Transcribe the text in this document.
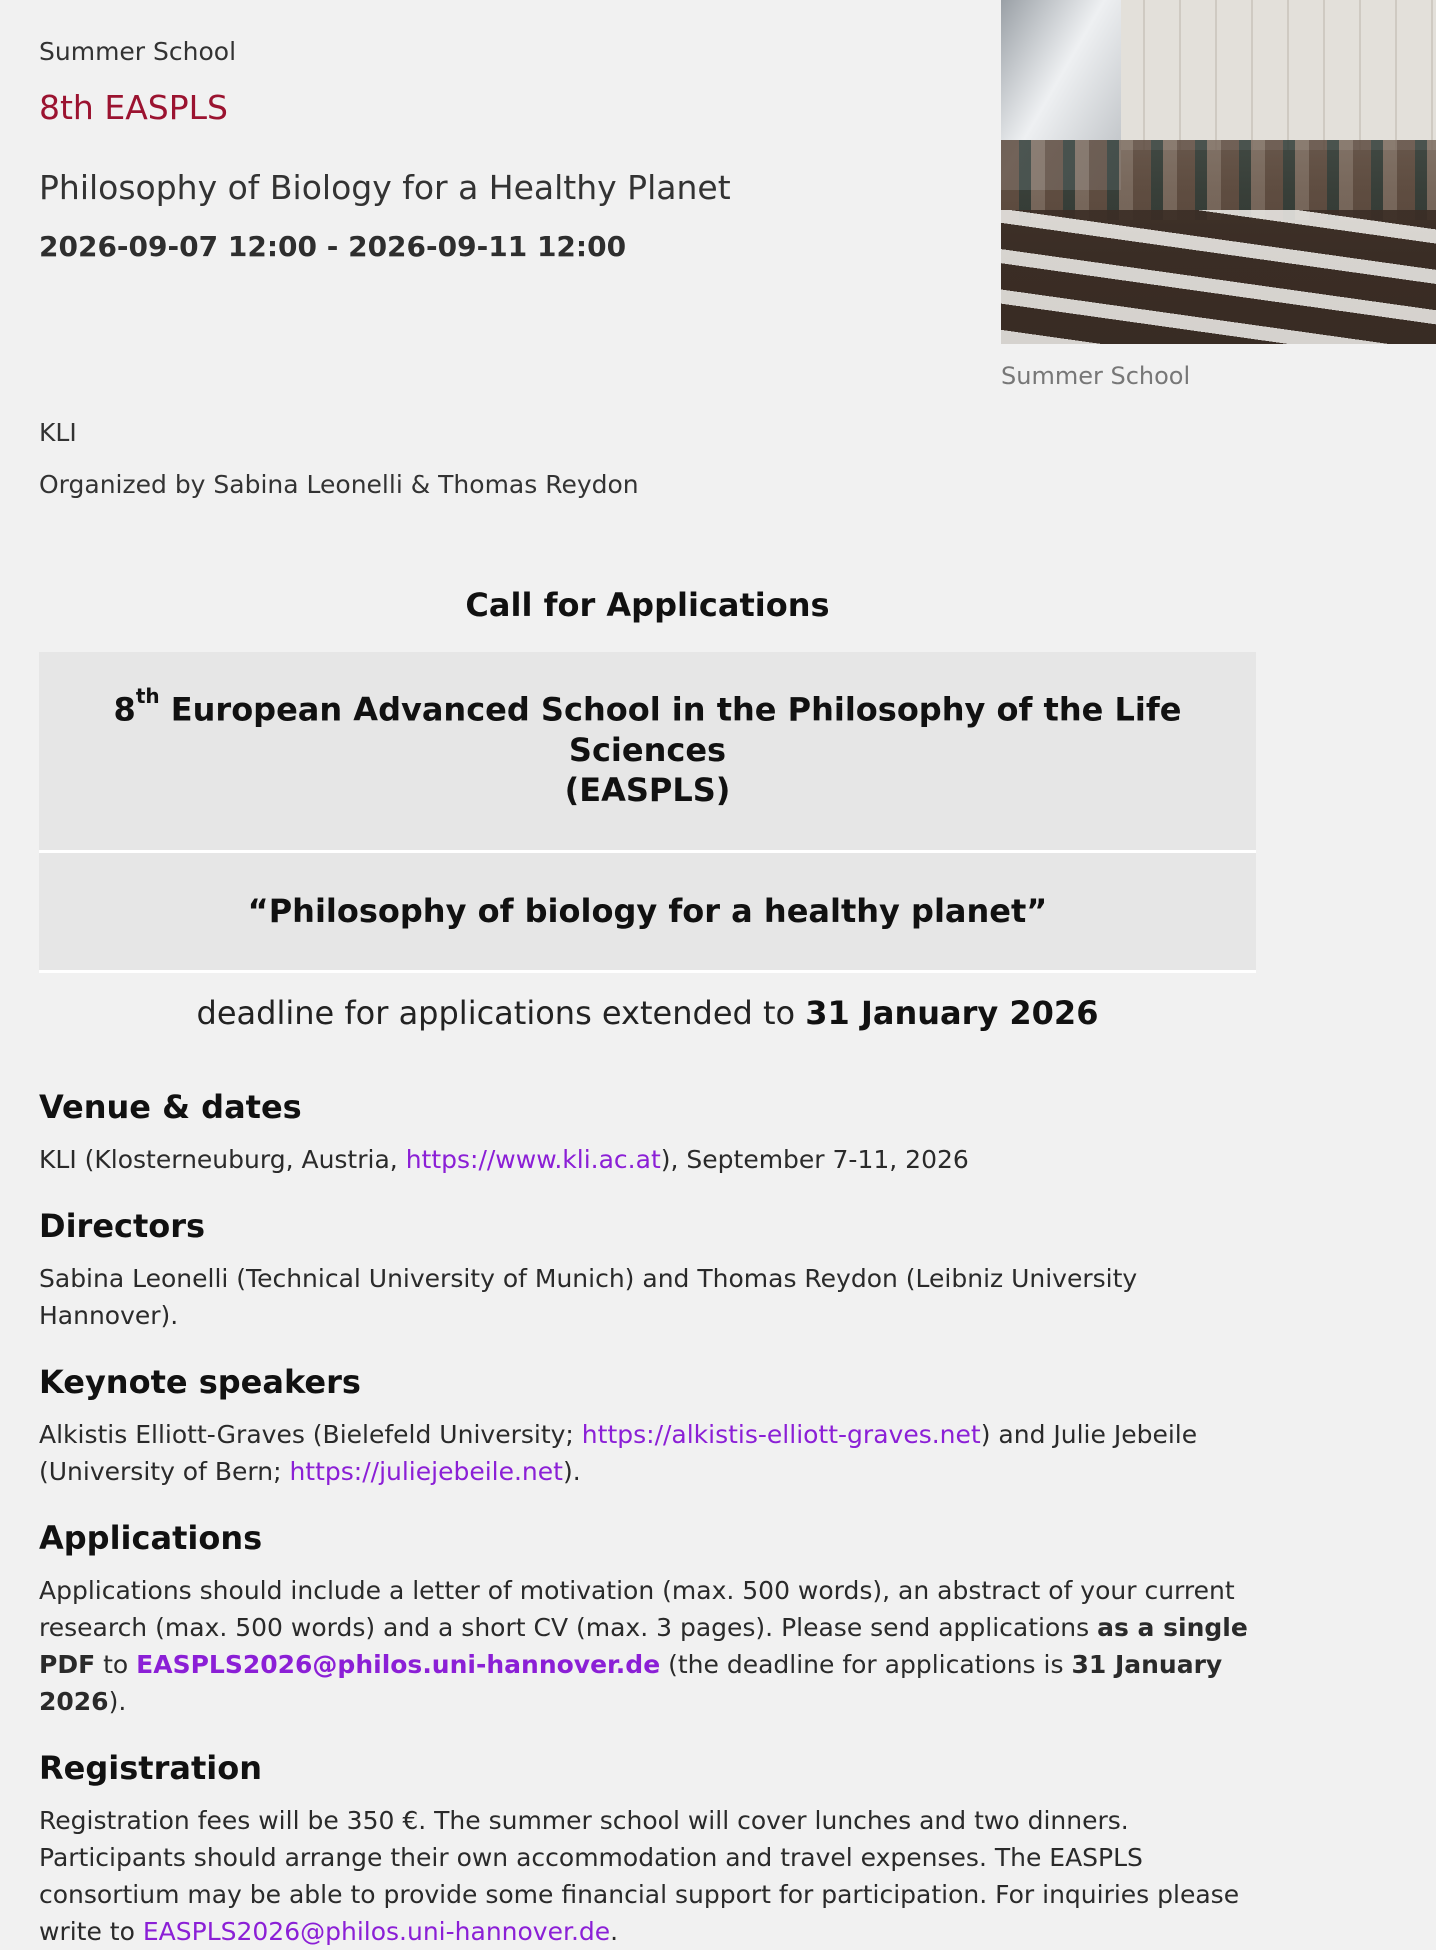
Summer School
8th EASPLS
Philosophy of Biology for a Healthy Planet
2026-09-07 12:00 - 2026-09-11 12:00
Summer School
KLI
Organized by Sabina Leonelli & Thomas Reydon
Call for Applications
8th European Advanced School in the Philosophy of the Life Sciences
(EASPLS)
“Philosophy of biology for a healthy planet”
deadline for applications extended to 31 January 2026
Venue & dates

KLI (Klosterneuburg, Austria, https://www.kli.ac.at), September 7-11, 2026

Directors

Sabina Leonelli (Technical University of Munich) and Thomas Reydon (Leibniz University Hannover).

Keynote speakers

Alkistis Elliott-Graves (Bielefeld University; https://alkistis-elliott-graves.net) and Julie Jebeile (University of Bern; https://juliejebeile.net).

Applications

Applications should include a letter of motivation (max. 500 words), an abstract of your current research (max. 500 words) and a short CV (max. 3 pages). Please send applications as a single PDF to EASPLS2026@philos.uni-hannover.de (the deadline for applications is 31 January 2026).

Registration

Registration fees will be 350 €. The summer school will cover lunches and two dinners. Participants should arrange their own accommodation and travel expenses. The EASPLS consortium may be able to provide some financial support for participation. For inquiries please write to EASPLS2026@philos.uni-hannover.de.
